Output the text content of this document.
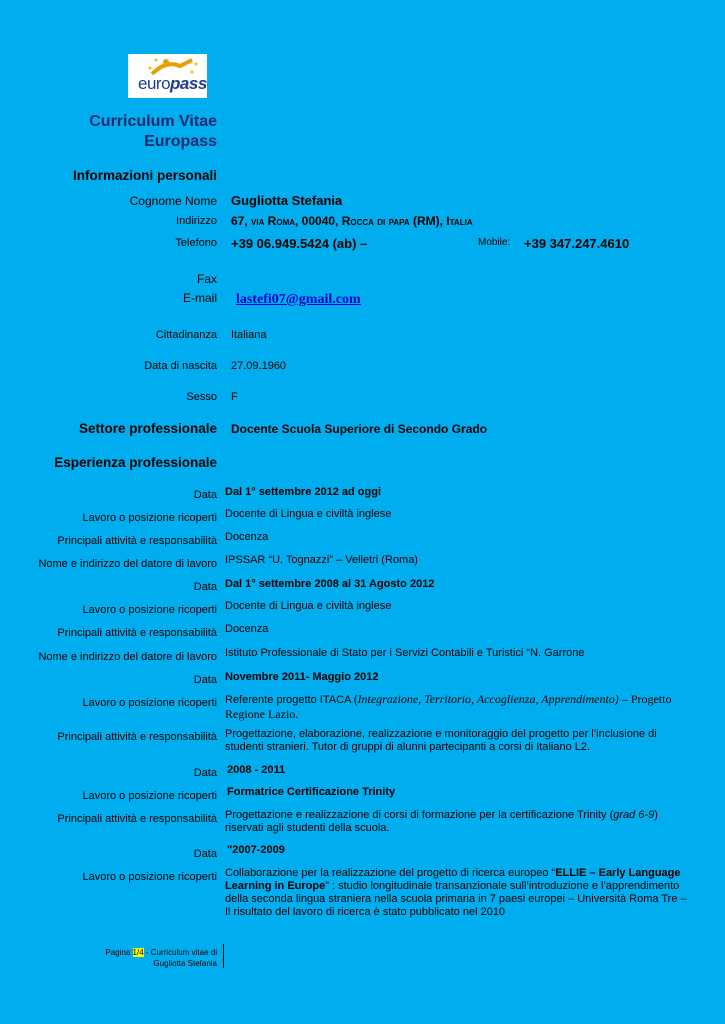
europass
Curriculum Vitae
Europass
Informazioni personali
Cognome Nome Gugliotta Stefania
Indirizzo 67, via Roma, 00040, Rocca di papa (RM), Italia
Telefono +39 06.949.5424 (ab) –	Mobile: +39 347.247.4610
Fax
E-mail lastefi07@gmail.com
Cittadinanza Italiana
Data di nascita 27.09.1960
Sesso F
Settore professionale Docente Scuola Superiore di Secondo Grado
Esperienza professionale
Data Dal 1° settembre 2012 ad oggi
Lavoro o posizione ricoperti Docente di Lingua e civiltà inglese
Principali attività e responsabilità Docenza
Nome e indirizzo del datore di lavoro IPSSAR “U. Tognazzi” – Velletri (Roma)
Data Dal 1° settembre 2008 al 31 Agosto 2012
Lavoro o posizione ricoperti Docente di Lingua e civiltà inglese
Principali attività e responsabilità Docenza
Nome e indirizzo del datore di lavoro Istituto Professionale di Stato per i Servizi Contabili e Turistici “N. Garrone
Data Novembre 2011- Maggio 2012
Lavoro o posizione ricoperti Referente progetto ITACA (Integrazione, Territorio, Accoglienza, Apprendimento) – Progetto
Regione Lazio.
Principali attività e responsabilità Progettazione, elaborazione, realizzazione e monitoraggio del progetto per l’inclusione di studenti stranieri. Tutor di gruppi di alunni partecipanti a corsi di Italiano L2.
Data 2008 - 2011
Lavoro o posizione ricoperti Formatrice Certificazione Trinity
Principali attività e responsabilità Progettazione e realizzazione di corsi di formazione per la certificazione Trinity (grad 6-9) riservati agli studenti della scuola.
Data "2007-2009
Lavoro o posizione ricoperti Collaborazione per la realizzazione del progetto di ricerca europeo “ELLIE – Early Language Learning in Europe” : studio longitudinale transanzionale sull’introduzione e l’apprendimento della seconda lingua straniera nella scuola primaria in 7 paesi europei – Università Roma Tre – Il risultato del lavoro di ricerca è stato pubblicato nel 2010
Pagina 1/4 - Curriculum vitae di
Gugliotta Stefania
